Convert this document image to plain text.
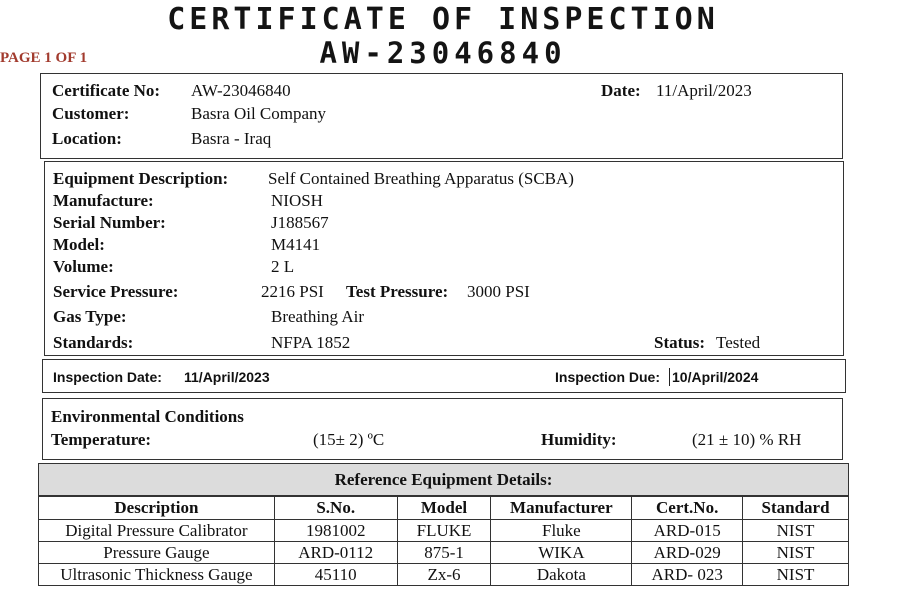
CERTIFICATE OF INSPECTION
AW-23046840
PAGE 1 OF 1
Certificate No: AW-23046840	Date: 11/April/2023
Customer:	Basra Oil Company
Location:	Basra - Iraq
Equipment Description: Self Contained Breathing Apparatus (SCBA)
Manufacture:	NIOSH
Serial Number:	J188567
Model:	M4141
Volume:	2 L
Service Pressure:	2216 PSI Test Pressure: 3000 PSI
Gas Type:	Breathing Air
Standards:	NFPA 1852	Status: Tested
Inspection Date: 11/April/2023	Inspection Due: 10/April/2024
Environmental Conditions
Temperature:	(15± 2) ºC	Humidity:	(21 ± 10) % RH
Reference Equipment Details:
Description	S.No.	Model	Manufacturer	Cert.No.	Standard
Digital Pressure Calibrator	1981002	FLUKE	Fluke	ARD-015	NIST
Pressure Gauge	ARD-0112	875-1	WIKA	ARD-029	NIST
Ultrasonic Thickness Gauge	45110	Zx-6	Dakota	ARD- 023	NIST
